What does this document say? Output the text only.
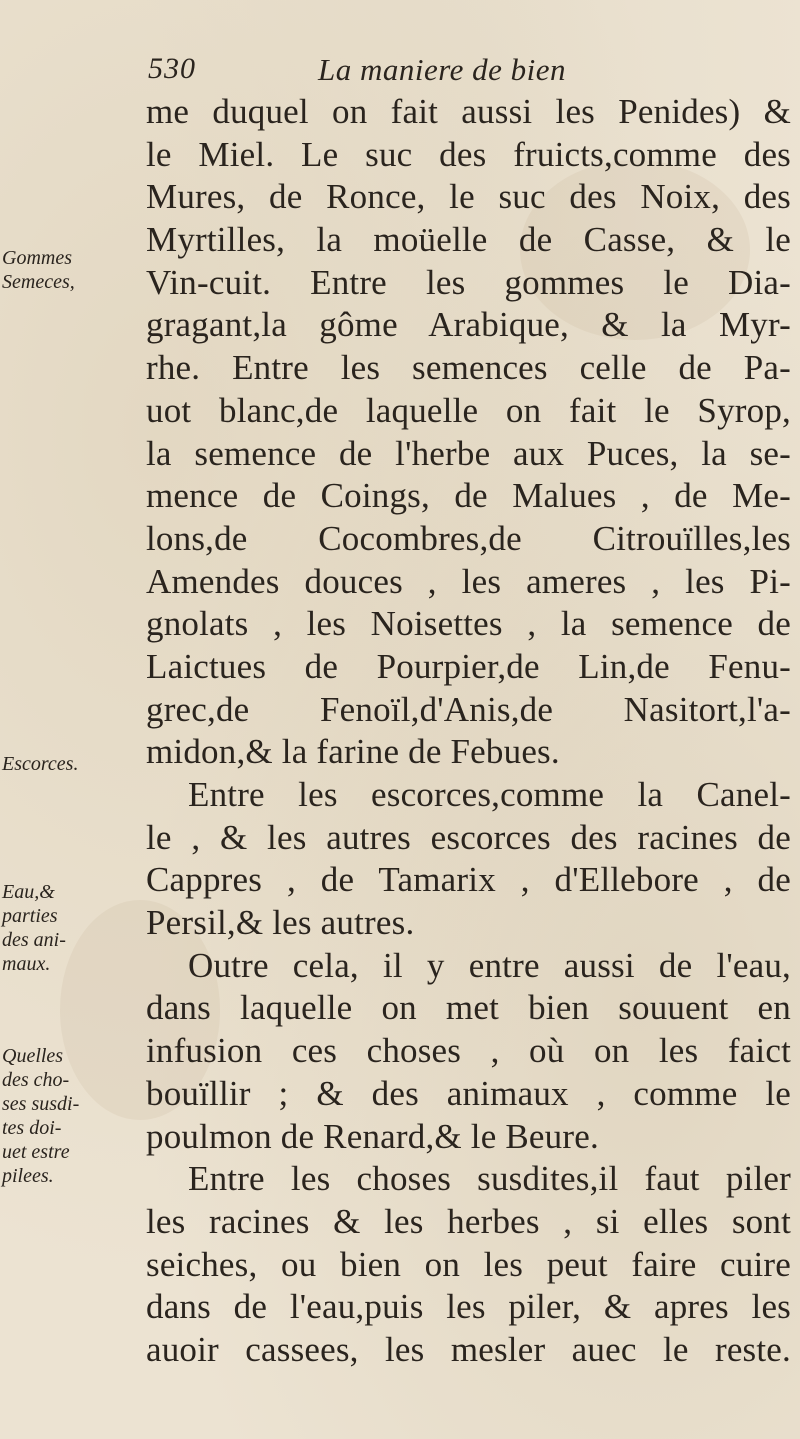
530	La maniere de bien
Gommes
Semeces,
Escorces.
Eau,&
parties
des ani-
maux.
Quelles
des cho-
ses susdi-
tes doi-
uet estre
pilees.
me duquel on fait aussi les Penides) &
le Miel. Le suc des fruicts,comme des
Mures, de Ronce, le suc des Noix, des
Myrtilles, la moüelle de Casse, & le
Vin-cuit. Entre les gommes le Dia-
gragant,la gôme Arabique, & la Myr-
rhe. Entre les semences celle de Pa-
uot blanc,de laquelle on fait le Syrop,
la semence de l'herbe aux Puces, la se-
mence de Coings, de Malues , de Me-
lons,de Cocombres,de Citrouïlles,les
Amendes douces , les ameres , les Pi-
gnolats , les Noisettes , la semence de
Laictues de Pourpier,de Lin,de Fenu-
grec,de Fenoïl,d'Anis,de Nasitort,l'a-
midon,& la farine de Febues.
Entre les escorces,comme la Canel-
le , & les autres escorces des racines de
Cappres , de Tamarix , d'Ellebore , de
Persil,& les autres.
Outre cela, il y entre aussi de l'eau,
dans laquelle on met bien souuent en
infusion ces choses , où on les faict
bouïllir ; & des animaux , comme le
poulmon de Renard,& le Beure.
Entre les choses susdites,il faut piler
les racines & les herbes , si elles sont
seiches, ou bien on les peut faire cuire
dans de l'eau,puis les piler, & apres les
auoir cassees, les mesler auec le reste.
